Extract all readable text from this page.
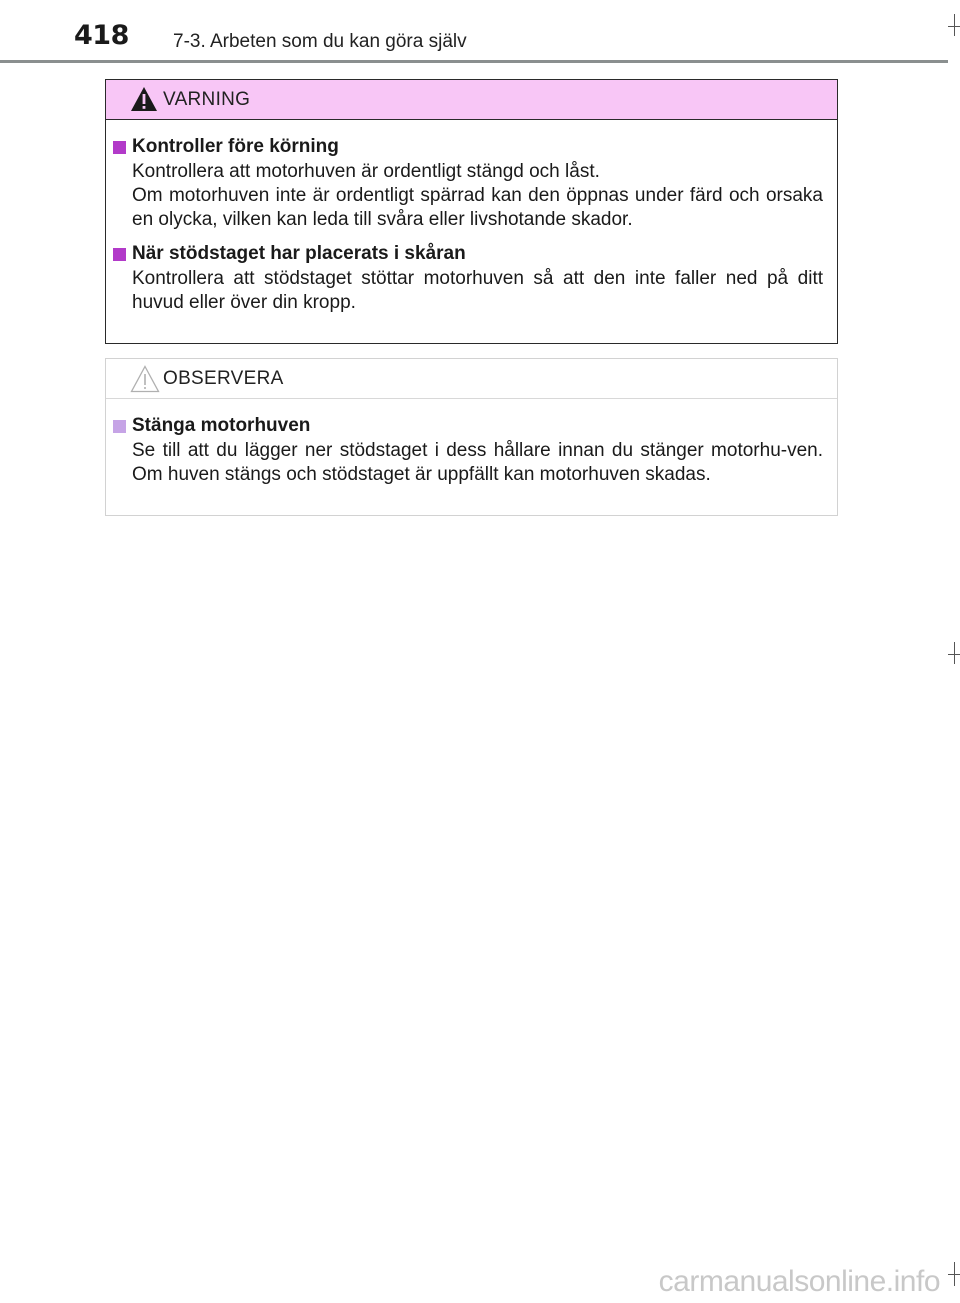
418 7-3. Arbeten som du kan göra själv
VARNING
Kontroller före körning

Kontrollera att motorhuven är ordentligt stängd och låst.

Om motorhuven inte är ordentligt spärrad kan den öppnas under färd och orsaka en olycka, vilken kan leda till svåra eller livshotande skador.

När stödstaget har placerats i skåran

Kontrollera att stödstaget stöttar motorhuven så att den inte faller ned på ditt huvud eller över din kropp.

OBSERVERA
Stänga motorhuven

Se till att du lägger ner stödstaget i dess hållare innan du stänger motorhu-ven. Om huven stängs och stödstaget är uppfällt kan motorhuven skadas.

carmanualsonline.info
